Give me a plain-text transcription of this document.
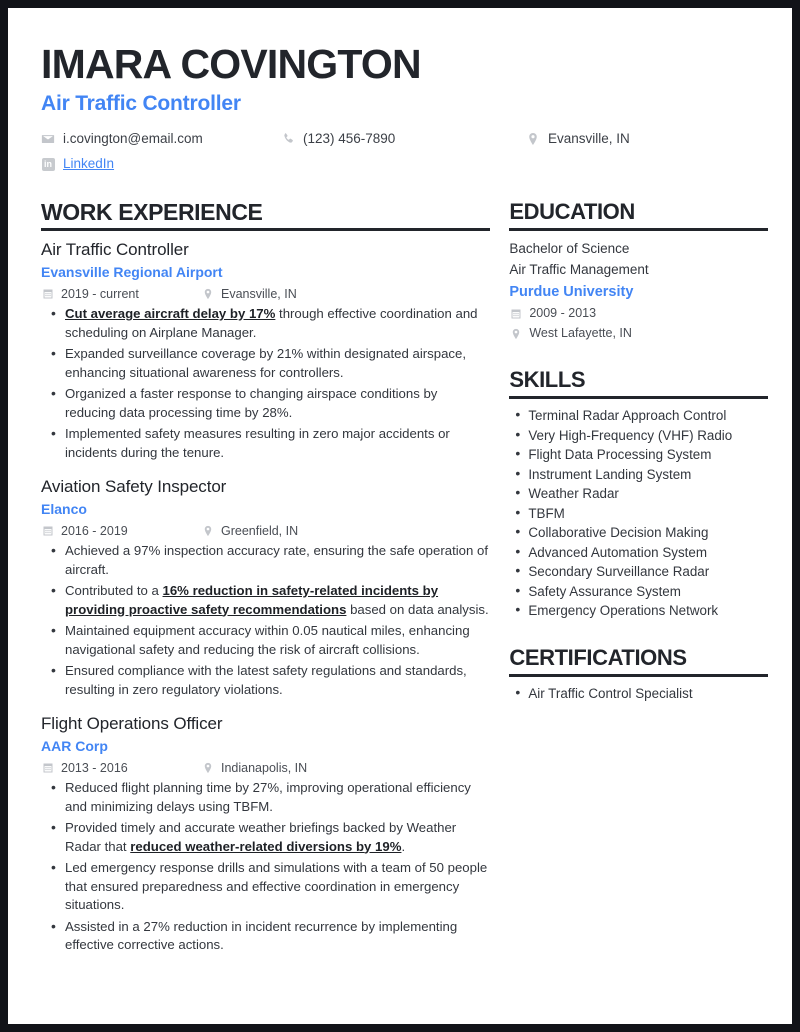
IMARA COVINGTON
Air Traffic Controller
i.covington@email.com	(123) 456-7890	Evansville, IN
in LinkedIn
WORK EXPERIENCE
Air Traffic Controller
Evansville Regional Airport
2019 - current	Evansville, IN
• Cut average aircraft delay by 17% through effective coordination and scheduling on Airplane Manager.
• Expanded surveillance coverage by 21% within designated airspace, enhancing situational awareness for controllers.
• Organized a faster response to changing airspace conditions by reducing data processing time by 28%.
• Implemented safety measures resulting in zero major accidents or incidents during the tenure.
Aviation Safety Inspector
Elanco
2016 - 2019	Greenfield, IN
• Achieved a 97% inspection accuracy rate, ensuring the safe operation of aircraft.
• Contributed to a 16% reduction in safety-related incidents by providing proactive safety recommendations based on data analysis.
• Maintained equipment accuracy within 0.05 nautical miles, enhancing navigational safety and reducing the risk of aircraft collisions.
• Ensured compliance with the latest safety regulations and standards, resulting in zero regulatory violations.
Flight Operations Officer
AAR Corp
2013 - 2016	Indianapolis, IN
• Reduced flight planning time by 27%, improving operational efficiency and minimizing delays using TBFM.
• Provided timely and accurate weather briefings backed by Weather Radar that reduced weather-related diversions by 19%.
• Led emergency response drills and simulations with a team of 50 people that ensured preparedness and effective coordination in emergency situations.
• Assisted in a 27% reduction in incident recurrence by implementing effective corrective actions.
EDUCATION
Bachelor of Science
Air Traffic Management
Purdue University
2009 - 2013
West Lafayette, IN
SKILLS
• Terminal Radar Approach Control
• Very High-Frequency (VHF) Radio
• Flight Data Processing System
• Instrument Landing System
• Weather Radar
• TBFM
• Collaborative Decision Making
• Advanced Automation System
• Secondary Surveillance Radar
• Safety Assurance System
• Emergency Operations Network
CERTIFICATIONS
• Air Traffic Control Specialist
